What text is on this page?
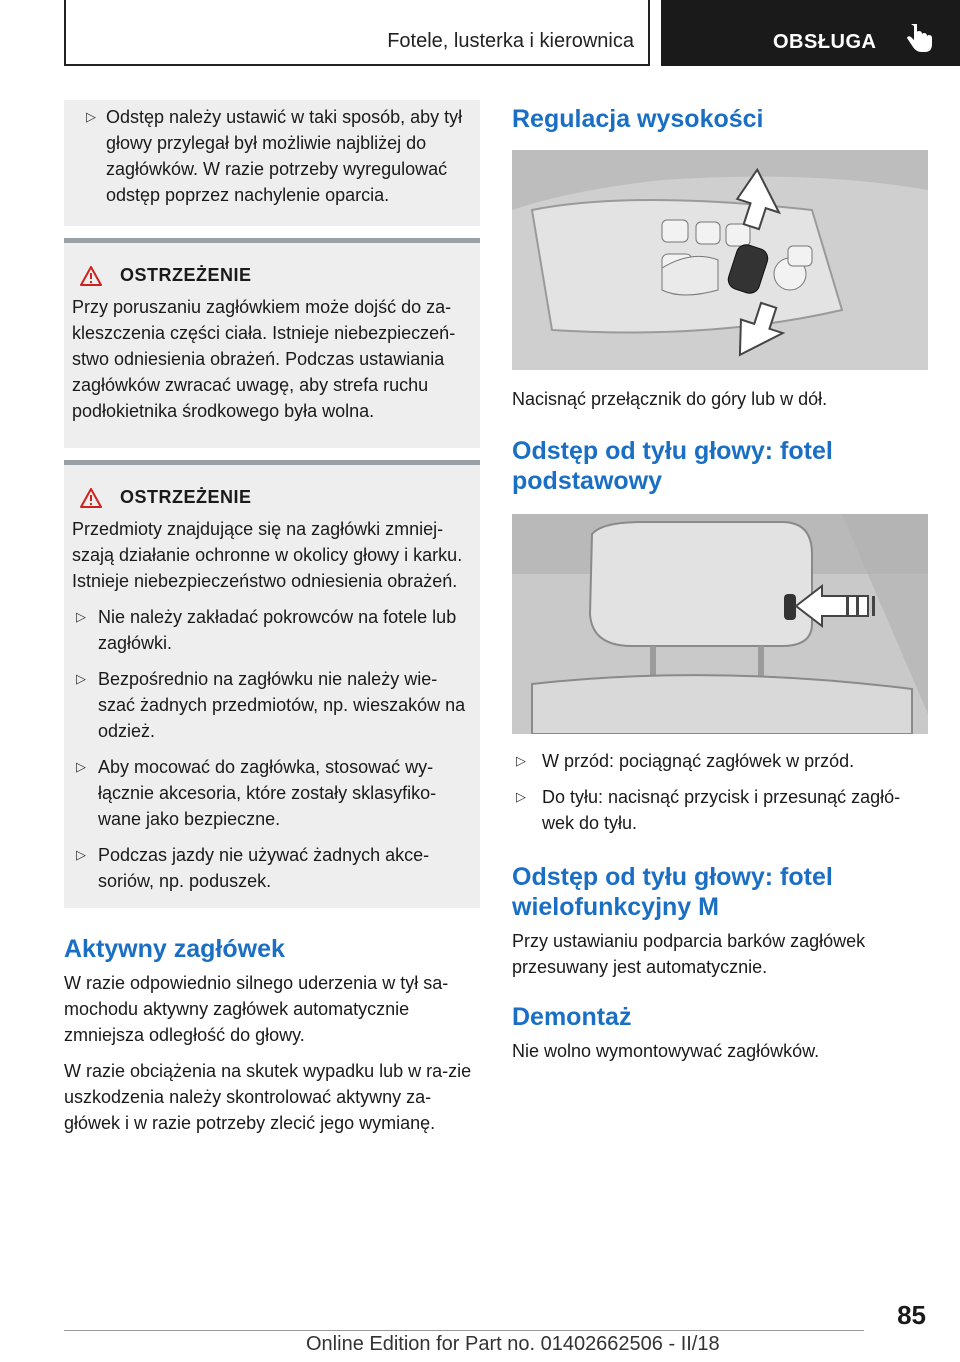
Fotele, lusterka i kierownica	OBSŁUGA
▷ Odstęp należy ustawić w taki sposób, aby tył głowy przylegał był możliwie najbliżej do zagłówków. W razie potrzeby wyregulować odstęp poprzez nachylenie oparcia.
OSTRZEŻENIE
Przy poruszaniu zagłówkiem może dojść do za-kleszczenia części ciała. Istnieje niebezpieczeń-stwo odniesienia obrażeń. Podczas ustawiania zagłówków zwracać uwagę, aby strefa ruchu podłokietnika środkowego była wolna.
OSTRZEŻENIE
Przedmioty znajdujące się na zagłówki zmniej-szają działanie ochronne w okolicy głowy i karku. Istnieje niebezpieczeństwo odniesienia obrażeń.
▷ Nie należy zakładać pokrowców na fotele lub zagłówki.
▷ Bezpośrednio na zagłówku nie należy wie-szać żadnych przedmiotów, np. wieszaków na odzież.
▷ Aby mocować do zagłówka, stosować wy-łącznie akcesoria, które zostały sklasyfiko-wane jako bezpieczne.
▷ Podczas jazdy nie używać żadnych akce-soriów, np. poduszek.
Aktywny zagłówek

W razie odpowiednio silnego uderzenia w tył sa-mochodu aktywny zagłówek automatycznie zmniejsza odległość do głowy.

W razie obciążenia na skutek wypadku lub w ra-zie uszkodzenia należy skontrolować aktywny za-główek i w razie potrzeby zlecić jego wymianę.

Regulacja wysokości
Nacisnąć przełącznik do góry lub w dół.
Odstęp od tyłu głowy: fotel podstawowy
▷ W przód: pociągnąć zagłówek w przód.
▷ Do tyłu: nacisnąć przycisk i przesunąć zagłó-wek do tyłu.
Odstęp od tyłu głowy: fotel wielofunkcyjny M

Przy ustawianiu podparcia barków zagłówek przesuwany jest automatycznie.

Demontaż

Nie wolno wymontowywać zagłówków.

85
Online Edition for Part no. 01402662506 - II/18
